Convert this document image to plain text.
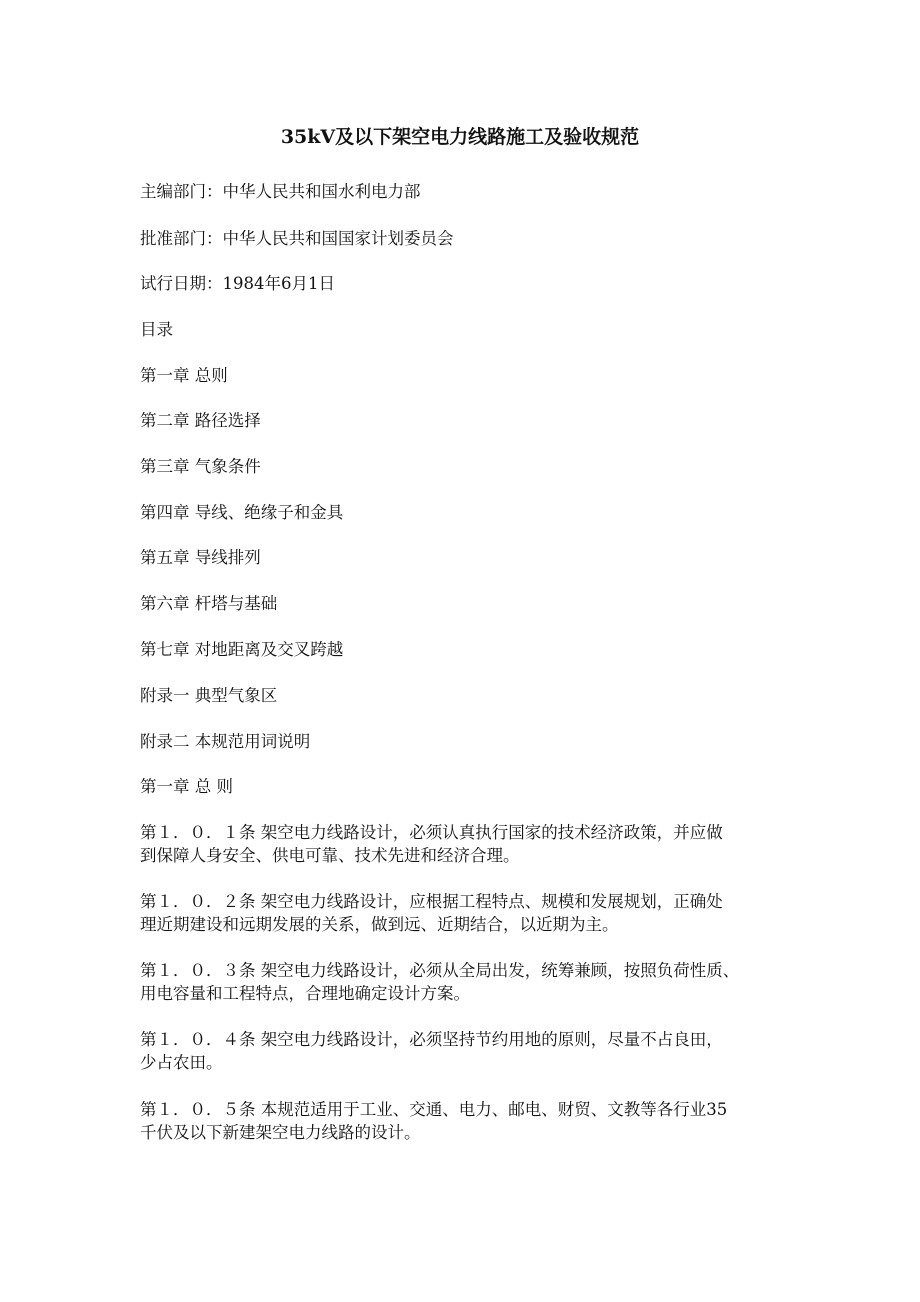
35kV及以下架空电力线路施工及验收规范
主编部门：中华人民共和国水利电力部
批准部门：中华人民共和国国家计划委员会
试行日期：1984年6月1日
目录
第一章 总则
第二章 路径选择
第三章 气象条件
第四章 导线、绝缘子和金具
第五章 导线排列
第六章 杆塔与基础
第七章 对地距离及交叉跨越
附录一 典型气象区
附录二 本规范用词说明
第一章 总 则
第１．０．１条 架空电力线路设计，必须认真执行国家的技术经济政策，并应做
到保障人身安全、供电可靠、技术先进和经济合理。
第１．０．２条 架空电力线路设计，应根据工程特点、规模和发展规划，正确处
理近期建设和远期发展的关系，做到远、近期结合，以近期为主。
第１．０．３条 架空电力线路设计，必须从全局出发，统筹兼顾，按照负荷性质、
用电容量和工程特点，合理地确定设计方案。
第１．０．４条 架空电力线路设计，必须坚持节约用地的原则，尽量不占良田，
少占农田。
第１．０．５条 本规范适用于工业、交通、电力、邮电、财贸、文教等各行业35
千伏及以下新建架空电力线路的设计。
